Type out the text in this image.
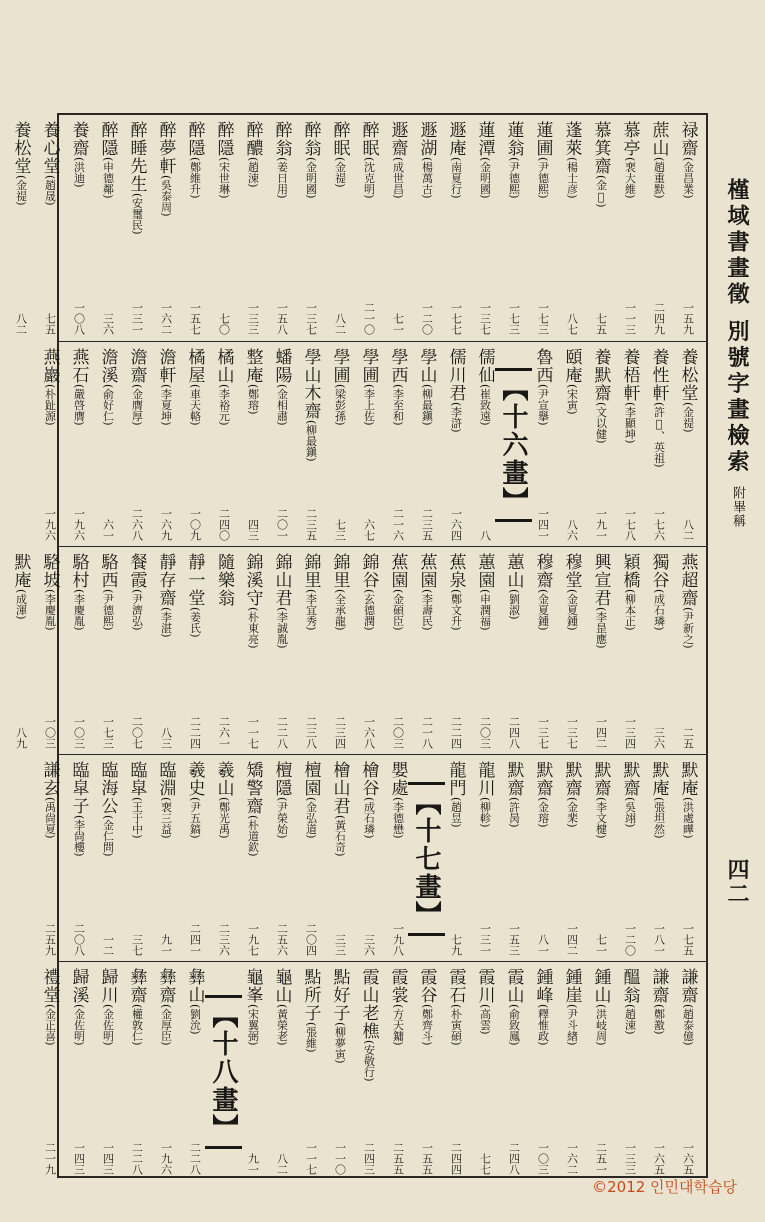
槿域書畫徵 別號字畫檢索附畢稱
禄齋(金昌業)
一五九
蔗山(趙重默)
二四九
慕亭(裵大維)
一一三
慕箕齋(金𠍂)
七五
蓬萊(楊士彦)
八七
蓮圃(尹德熙)
一七三
蓮翁(尹德熙)
一七三
蓮潭(金明國)
一三七
遯庵(南夏行)
一七七
遯湖(楊萬古)
一二〇
遯齋(成世昌)
七一
醉眠(沈克明)
二一〇
醉眠(金禔)
八二
醉翁(金明國)
一三七
醉翁(姜日用)
一五八
醉醲(趙涑)
一三三
醉隱(宋世琳)
七〇
醉隱(鄭維升)
一五七
醉夢軒(吳泰周)
一六二
醉睡先生(安璽民)
一三一
醉隱(申德鄰)
三六
養齋(洪迪)
一〇八
養心堂(趙晟)
七五
養松堂(金禔)
八二
養松堂(金禔)
八二
養性軒(許𫊸、英祖)
一七六
養梧軒(李顯坤)
一七八
養默齋(文以健)
一九一
頤庵(宋寅)
八六
魯西(尹宣擧)
一四一
【十六畫】
儒仙(崔致遠)
八
儒川君(李滸)
一六四
學山(柳最鎭)
二三五
學西(李至和)
二一六
學圃(李上佐)
六七
學圃(梁彭孫)
七三
學山木齋(柳最鎭)
二三五
蟠陽(金相肅)
二〇一
整庵(鄭瑢)
四三
橘山(李裕元)
二四〇
橘屋(車天輅)
一〇九
澹軒(李夏坤)
一六九
澹齋(金膺厚)
二六八
澹溪(俞好仁)
六一
燕石(嚴啓膺)
一九六
燕巖(朴趾源)
一九六
燕超齋(尹新之)
二五
獨谷(成石璘)
三六
穎橋(柳本正)
一三四
興宣君(李昰應)
一四二
穆堂(金夏鍾)
一三七
穆齋(金夏鍾)
一三七
蕙山(劉淑)
二四八
蕙園(申潤福)
二〇三
蕉泉(鄭文升)
二二四
蕉園(李壽民)
二一八
蕉園(金碩臣)
二〇三
錦谷(玄德潤)
一六八
錦里(全承龍)
二三四
錦里(李宜秀)
二三八
錦山君(李誠胤)
二二八
錦溪守(朴東亮)
一一七
隨樂翁
二六一
靜一堂(姜氏)
二二四
靜存齋(李湛)
八三
餐霞(尹濟弘)
二〇七
駱西(尹德熙)
一七三
駱村(李慶胤)
一〇三
駱坡(李慶胤)
一〇三
默庵(成渾)
八九
默庵(洪處曄)
一七五
默庵(張坦然)
一八一
默齋(吳翊)
一二〇
默齋(李文楗)
七一
默齋(金棐)
一四二
默齋(金瑢)
八一
默齋(許昺)
一五三
龍川(柳軫)
一三一
龍門(趙昱)
七九
【十七畫】
嬰處(李德懋)
一九八
檜谷(成石璘)
三六
檜山君(黃石奇)
三三
檀園(金弘道)
二〇四
檀隱(尹榮始)
二五六
矯警齋(朴道欽)
一九七
羲山(鄭光禹)
二三六
羲史(尹五鎬)
二四一
臨淵(裵三益)
九一
臨皐(王于中)
三七
臨海公(金仁問)
一二
臨皐子(李尙樓)
二〇八
謙玄(禹尙夏)
二五九
謙齋(趙泰億)
一六五
謙齋(鄭敾)
一六五
醞翁(趙涑)
一三三
鍾山(洪岐周)
二五一
鍾崖(尹斗緖)
一六二
鍾峰(釋惟政)
一〇三
霞山(俞致鳳)
二四八
霞川(高雲)
七七
霞石(朴寅碩)
二四四
霞谷(鄭齊斗)
一五五
霞裳(方天鏞)
二五五
霞山老樵(安敬行)
二四三
點好子(柳夢寅)
一一〇
點所子(張維)
一一七
龜山(黃榮老)
八二
龜峯(宋翼弼)
九一
【十八畫】
彝山(劉沇)
二二八
彝齋(金厚臣)
一九六
彝齋(權敦仁)
二二八
歸川(金佐明)
一四三
歸溪(金佐明)
一四三
禮堂(金正喜)
二一九
四二
©2012 인민대학습당
